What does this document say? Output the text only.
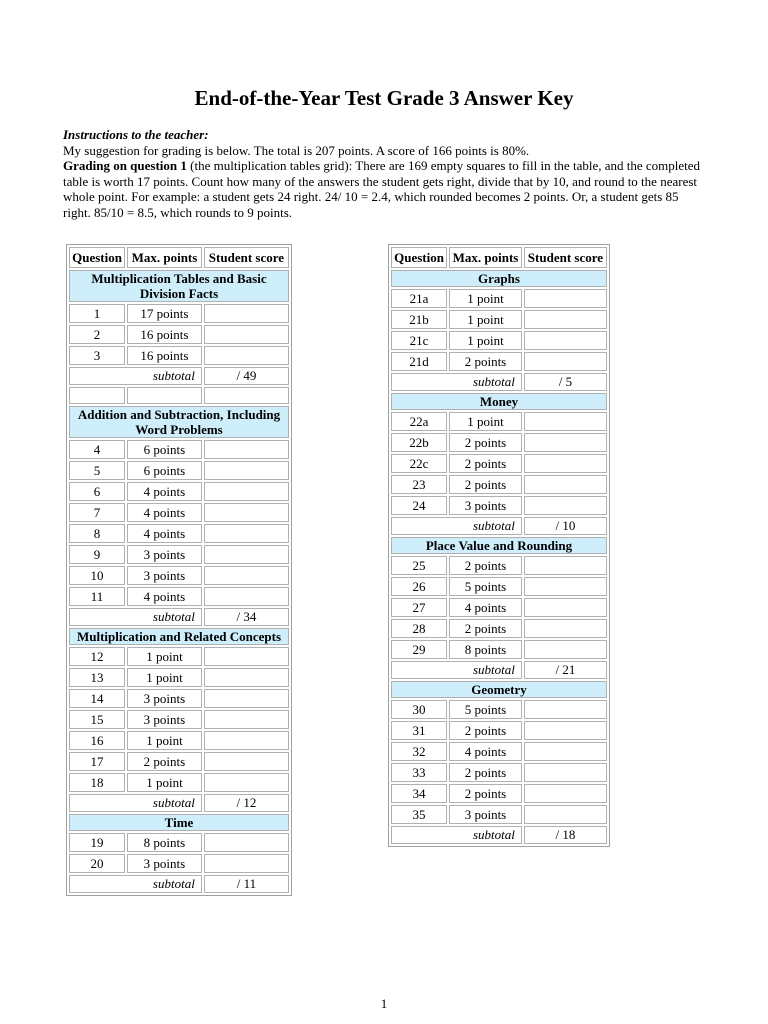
End-of-the-Year Test Grade 3 Answer Key
Instructions to the teacher:
My suggestion for grading is below. The total is 207 points. A score of 166 points is 80%.
Grading on question 1 (the multiplication tables grid): There are 169 empty squares to fill in the table, and the completed table is worth 17 points. Count how many of the answers the student gets right, divide that by 10, and round to the nearest whole point. For example: a student gets 24 right. 24/ 10 = 2.4, which rounded becomes 2 points. Or, a student gets 85 right. 85/10 = 8.5, which rounds to 9 points.
Question	Max. points	Student score
Multiplication Tables and Basic Division Facts		
1	17 points	
2	16 points	
3	16 points	
subtotal		/ 49

Addition and Subtraction, Including Word Problems		
4	6 points	
5	6 points	
6	4 points	
7	4 points	
8	4 points	
9	3 points	
10	3 points	
11	4 points	
subtotal		/ 34
Multiplication and Related Concepts		
12	1 point	
13	1 point	
14	3 points	
15	3 points	
16	1 point	
17	2 points	
18	1 point	
subtotal		/ 12
Time		
19	8 points	
20	3 points	
subtotal		/ 11
Question	Max. points	Student score
Graphs		
21a	1 point	
21b	1 point	
21c	1 point	
21d	2 points	
subtotal		/ 5
Money		
22a	1 point	
22b	2 points	
22c	2 points	
23	2 points	
24	3 points	
subtotal		/ 10
Place Value and Rounding		
25	2 points	
26	5 points	
27	4 points	
28	2 points	
29	8 points	
subtotal		/ 21
Geometry		
30	5 points	
31	2 points	
32	4 points	
33	2 points	
34	2 points	
35	3 points	
subtotal		/ 18
1
